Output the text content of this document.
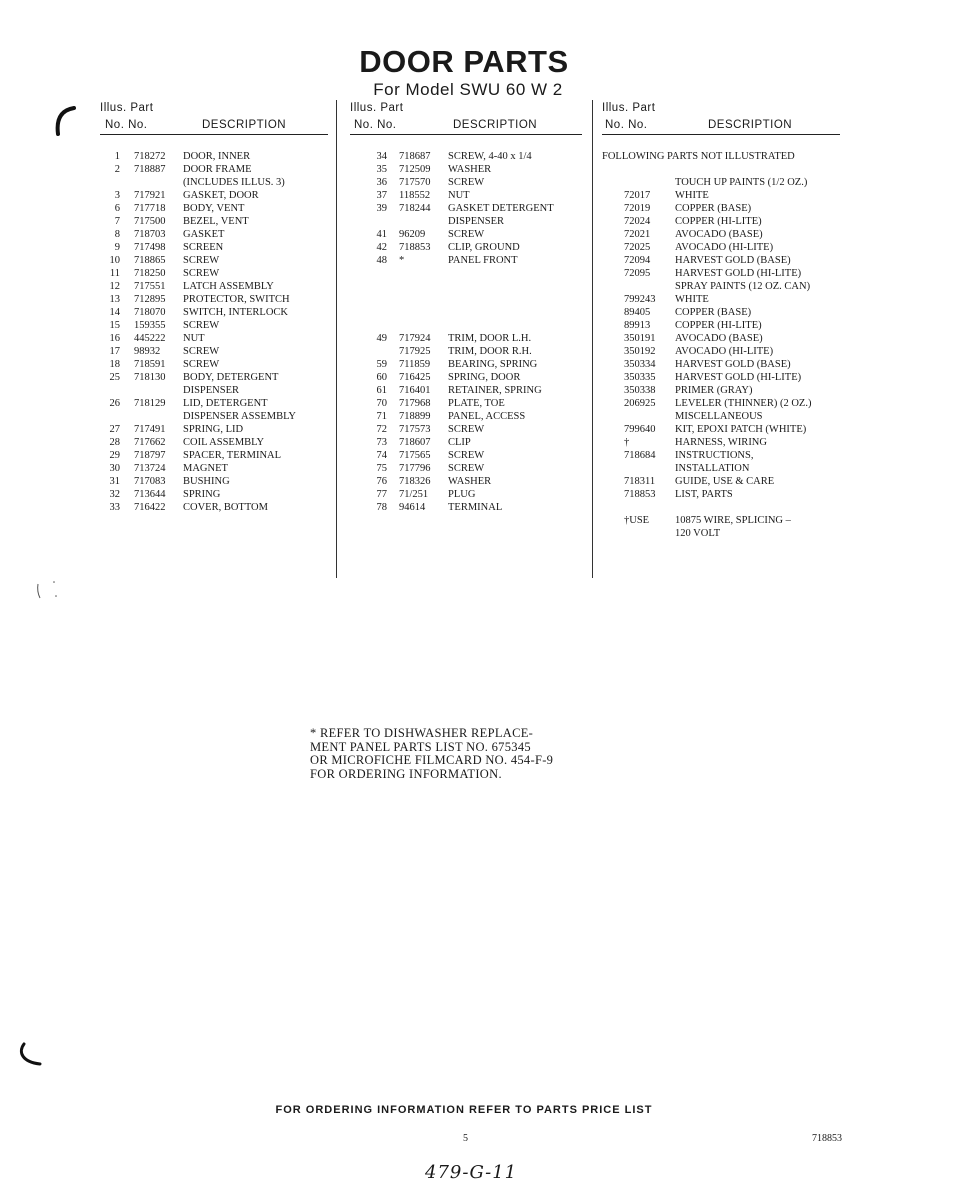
DOOR PARTS
For Model SWU 60 W 2
Illus. Part
No. No.	DESCRIPTION
1 718272 DOOR, INNER
2 718887 DOOR FRAME
(INCLUDES ILLUS. 3)
3 717921 GASKET, DOOR
6 717718 BODY, VENT
7 717500 BEZEL, VENT
8 718703 GASKET
9 717498 SCREEN
10 718865 SCREW
11 718250 SCREW
12 717551 LATCH ASSEMBLY
13 712895 PROTECTOR, SWITCH
14 718070 SWITCH, INTERLOCK
15 159355 SCREW
16 445222 NUT
17 98932 SCREW
18 718591 SCREW
25 718130 BODY, DETERGENT
DISPENSER
26 718129 LID, DETERGENT
DISPENSER ASSEMBLY
27 717491 SPRING, LID
28 717662 COIL ASSEMBLY
29 718797 SPACER, TERMINAL
30 713724 MAGNET
31 717083 BUSHING
32 713644 SPRING
33 716422 COVER, BOTTOM
Illus. Part
No. No.	DESCRIPTION
34 718687 SCREW, 4-40 x 1/4
35 712509 WASHER
36 717570 SCREW
37 118552 NUT
39 718244 GASKET DETERGENT
DISPENSER
41 96209 SCREW
42 718853 CLIP, GROUND
48 *	PANEL FRONT
49 717924 TRIM, DOOR L.H.
717925 TRIM, DOOR R.H.
59 711859 BEARING, SPRING
60 716425 SPRING, DOOR
61 716401 RETAINER, SPRING
70 717968 PLATE, TOE
71 718899 PANEL, ACCESS
72 717573 SCREW
73 718607 CLIP
74 717565 SCREW
75 717796 SCREW
76 718326 WASHER
77 71/251 PLUG
78 94614 TERMINAL
Illus. Part
No. No.	DESCRIPTION
FOLLOWING PARTS NOT ILLUSTRATED
TOUCH UP PAINTS (1/2 OZ.)
72017 WHITE
72019 COPPER (BASE)
72024 COPPER (HI-LITE)
72021 AVOCADO (BASE)
72025 AVOCADO (HI-LITE)
72094 HARVEST GOLD (BASE)
72095 HARVEST GOLD (HI-LITE)
SPRAY PAINTS (12 OZ. CAN)
799243 WHITE
89405 COPPER (BASE)
89913 COPPER (HI-LITE)
350191 AVOCADO (BASE)
350192 AVOCADO (HI-LITE)
350334 HARVEST GOLD (BASE)
350335 HARVEST GOLD (HI-LITE)
350338 PRIMER (GRAY)
206925 LEVELER (THINNER) (2 OZ.)
MISCELLANEOUS
799640 KIT, EPOXI PATCH (WHITE)
†	HARNESS, WIRING
718684 INSTRUCTIONS,
INSTALLATION
718311 GUIDE, USE & CARE
718853 LIST, PARTS
†USE 10875 WIRE, SPLICING –
120 VOLT
* REFER TO DISHWASHER REPLACE-
MENT PANEL PARTS LIST NO. 675345
OR MICROFICHE FILMCARD NO. 454-F-9
FOR ORDERING INFORMATION.
FOR ORDERING INFORMATION REFER TO PARTS PRICE LIST
5	718853
479-G-11
